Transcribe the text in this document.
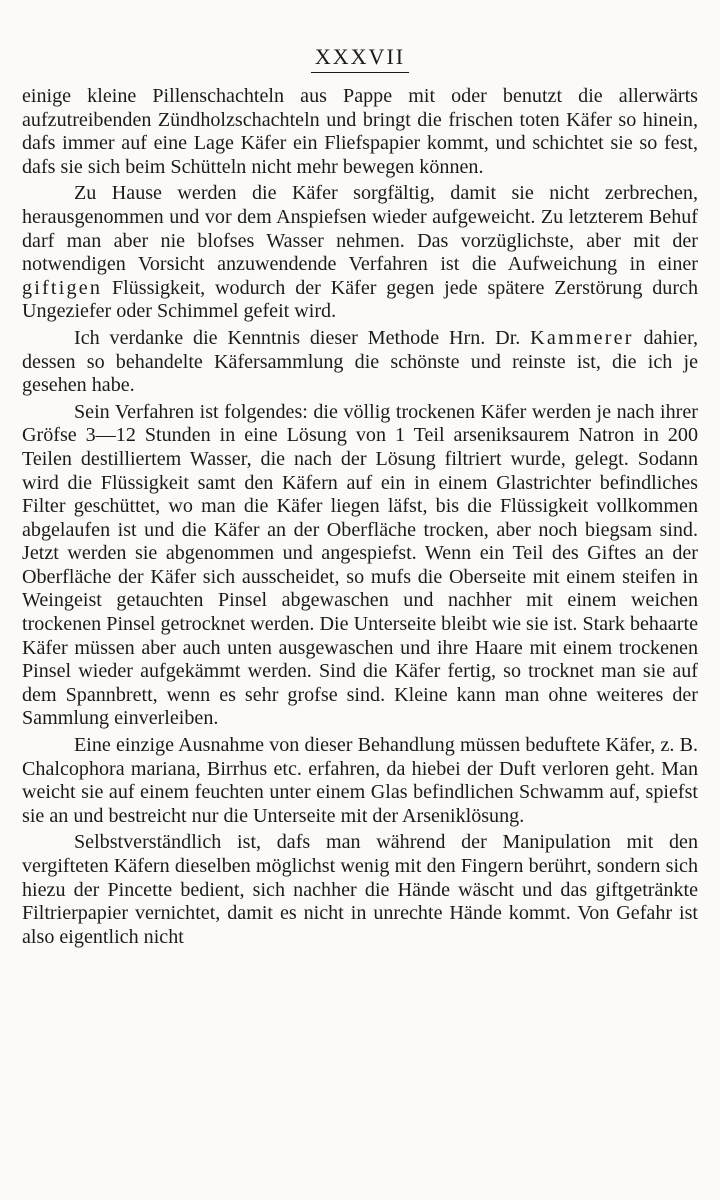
XXXVII

einige kleine Pillenschachteln aus Pappe mit oder benutzt die allerwärts aufzutreibenden Zündholzschachteln und bringt die frischen toten Käfer so hinein, dafs immer auf eine Lage Käfer ein Fliefspapier kommt, und schichtet sie so fest, dafs sie sich beim Schütteln nicht mehr bewegen können.

Zu Hause werden die Käfer sorgfältig, damit sie nicht zerbrechen, herausgenommen und vor dem Anspiefsen wieder aufgeweicht. Zu letzterem Behuf darf man aber nie blofses Wasser nehmen. Das vorzüglichste, aber mit der notwendigen Vorsicht anzuwendende Verfahren ist die Aufweichung in einer giftigen Flüssigkeit, wodurch der Käfer gegen jede spätere Zerstörung durch Ungeziefer oder Schimmel gefeit wird.

Ich verdanke die Kenntnis dieser Methode Hrn. Dr. Kammerer dahier, dessen so behandelte Käfersammlung die schönste und reinste ist, die ich je gesehen habe.

Sein Verfahren ist folgendes: die völlig trockenen Käfer werden je nach ihrer Gröfse 3—12 Stunden in eine Lösung von 1 Teil arseniksaurem Natron in 200 Teilen destilliertem Wasser, die nach der Lösung filtriert wurde, gelegt. Sodann wird die Flüssigkeit samt den Käfern auf ein in einem Glastrichter befindliches Filter geschüttet, wo man die Käfer liegen läfst, bis die Flüssigkeit vollkommen abgelaufen ist und die Käfer an der Oberfläche trocken, aber noch biegsam sind. Jetzt werden sie abgenommen und angespiefst. Wenn ein Teil des Giftes an der Oberfläche der Käfer sich ausscheidet, so mufs die Oberseite mit einem steifen in Weingeist getauchten Pinsel abgewaschen und nachher mit einem weichen trockenen Pinsel getrocknet werden. Die Unterseite bleibt wie sie ist. Stark behaarte Käfer müssen aber auch unten ausgewaschen und ihre Haare mit einem trockenen Pinsel wieder aufgekämmt werden. Sind die Käfer fertig, so trocknet man sie auf dem Spannbrett, wenn es sehr grofse sind. Kleine kann man ohne weiteres der Sammlung einverleiben.

Eine einzige Ausnahme von dieser Behandlung müssen beduftete Käfer, z. B. Chalcophora mariana, Birrhus etc. erfahren, da hiebei der Duft verloren geht. Man weicht sie auf einem feuchten unter einem Glas befindlichen Schwamm auf, spiefst sie an und bestreicht nur die Unterseite mit der Arseniklösung.

Selbstverständlich ist, dafs man während der Manipulation mit den vergifteten Käfern dieselben möglichst wenig mit den Fingern berührt, sondern sich hiezu der Pincette bedient, sich nachher die Hände wäscht und das giftgetränkte Filtrierpapier vernichtet, damit es nicht in unrechte Hände kommt. Von Gefahr ist also eigentlich nicht
